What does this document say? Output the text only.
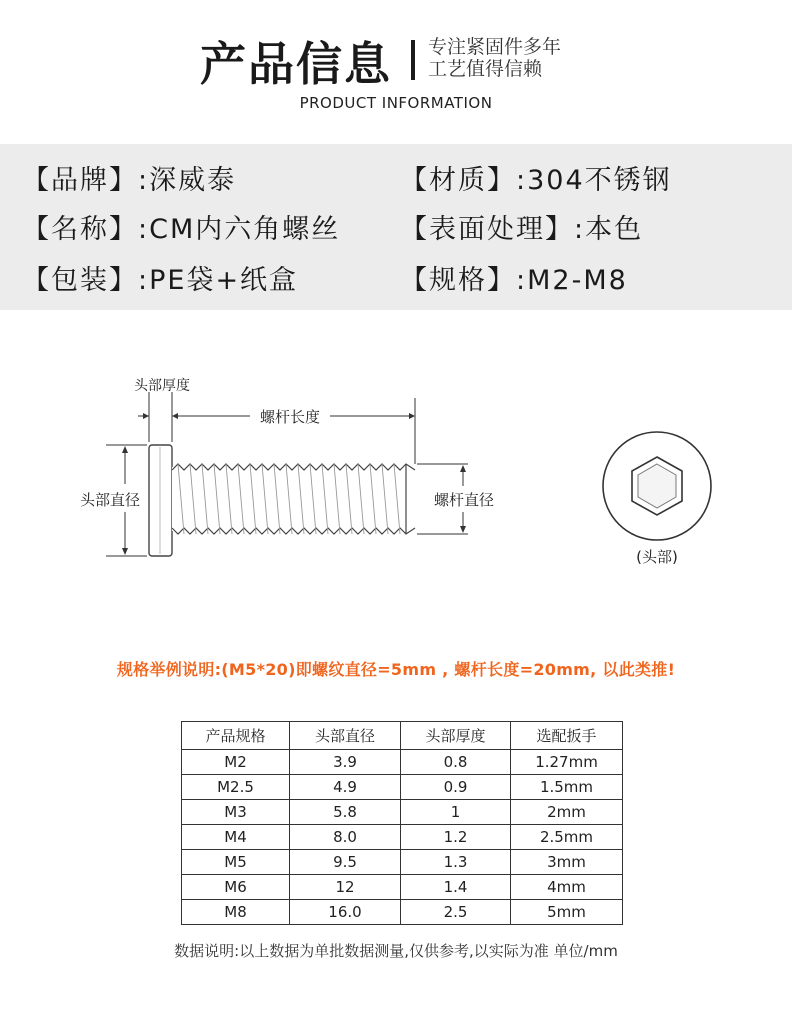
产品信息 专注紧固件多年
工艺值得信赖
PRODUCT INFORMATION
【品牌】:深威泰	【材质】:304不锈钢
【名称】:CM内六角螺丝 【表面处理】:本色
【包装】:PE袋+纸盒	【规格】:M2-M8
头部厚度
螺杆长度
头部直径	螺杆直径
(头部)
规格举例说明:(M5*20)即螺纹直径=5mm , 螺杆长度=20mm, 以此类推!
产品规格	头部直径	头部厚度	选配扳手
M2	3.9	0.8	1.27mm
M2.5	4.9	0.9	1.5mm
M3	5.8	1	2mm
M4	8.0	1.2	2.5mm
M5	9.5	1.3	3mm
M6	12	1.4	4mm
M8	16.0	2.5	5mm
数据说明:以上数据为单批数据测量,仅供参考,以实际为准 单位/mm
